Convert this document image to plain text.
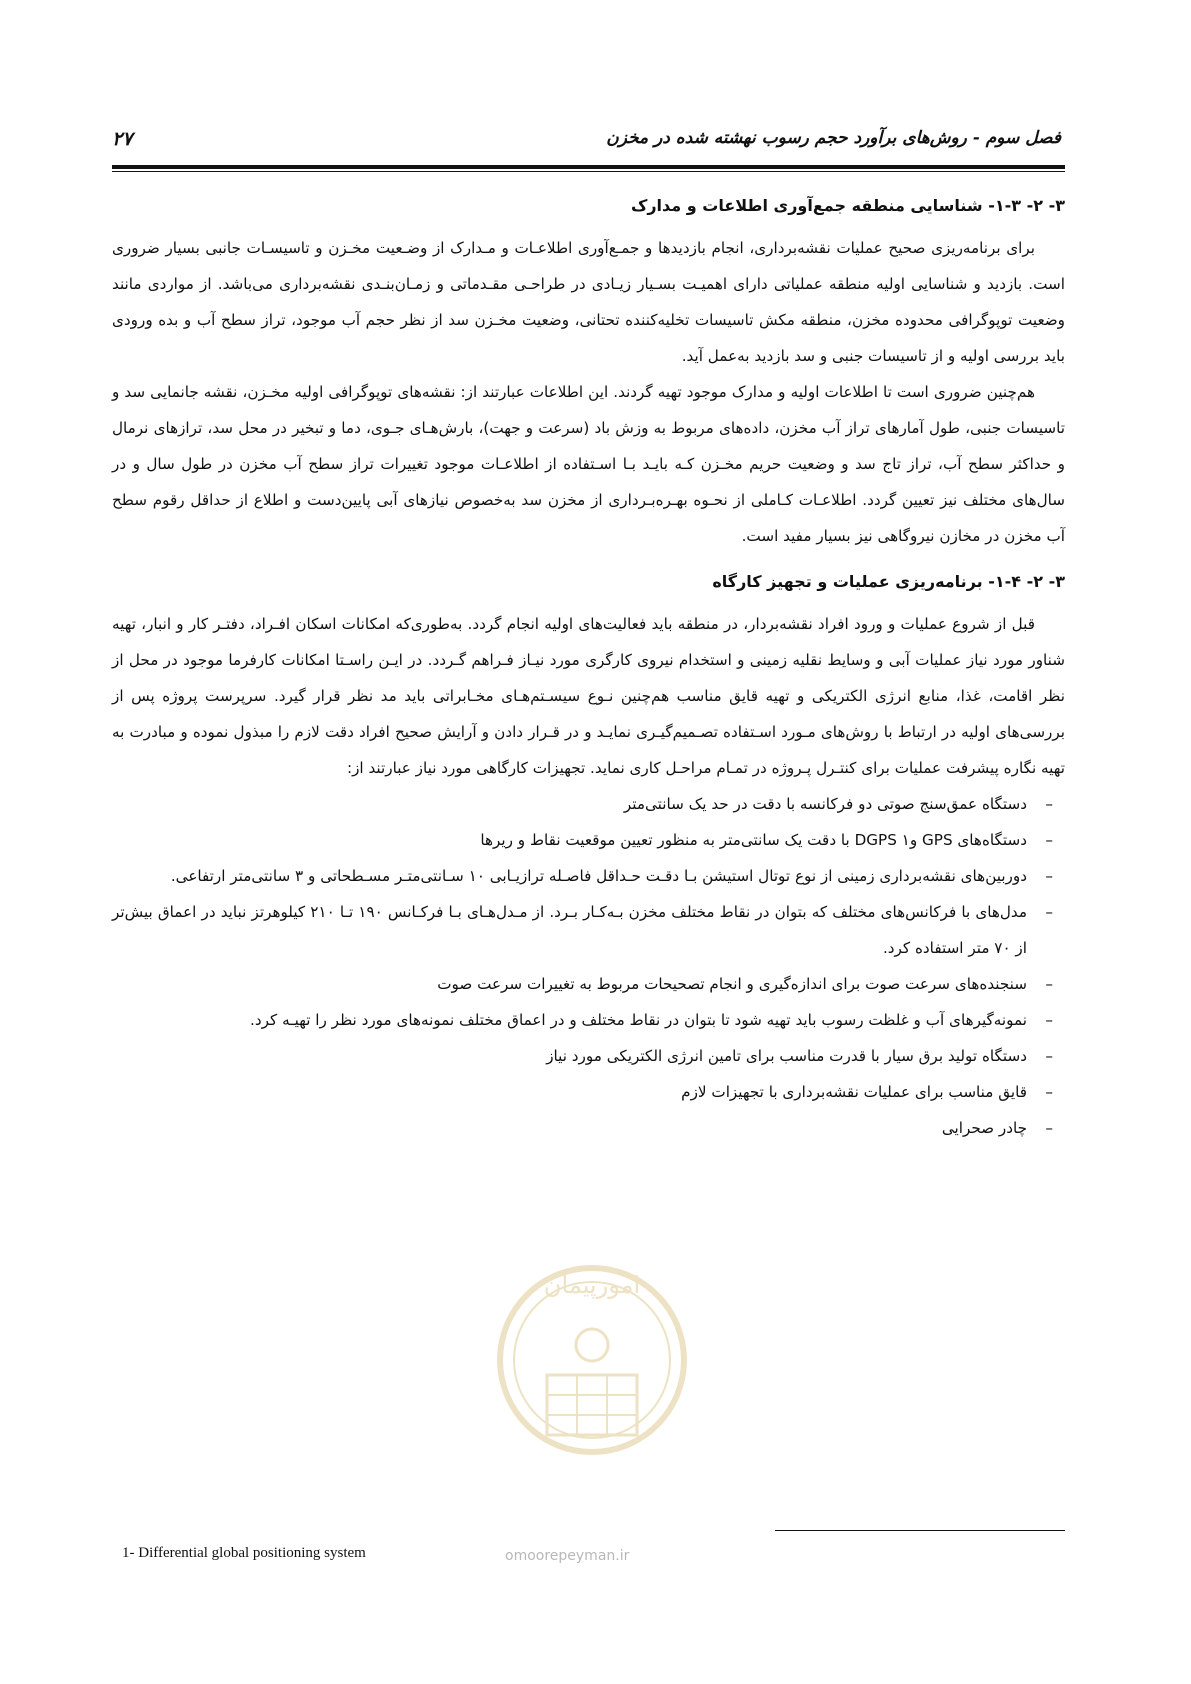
فصل سوم - روش‌های برآورد حجم رسوب نهشته شده در مخزن
۲۷
۳- ۲- ۱-۳- شناسایی منطقه جمع‌آوری اطلاعات و مدارک

برای برنامه‌ریزی صحیح عملیات نقشه‌برداری، انجام بازدیدها و جمـع‌آوری اطلاعـات و مـدارک از وضـعیت مخـزن و تاسیسـات جانبی بسیار ضروری است. بازدید و شناسایی اولیه منطقه عملیاتی دارای اهمیـت بسـیار زیـادی در طراحـی مقـدماتی و زمـان‌بنـدی نقشه‌برداری می‌باشد. از مواردی مانند وضعیت توپوگرافی محدوده مخزن، منطقه مکش تاسیسات تخلیه‌کننده تحتانی، وضعیت مخـزن سد از نظر حجم آب موجود، تراز سطح آب و بده ورودی باید بررسی اولیه و از تاسیسات جنبی و سد بازدید به‌عمل آید.

هم‌چنین ضروری است تا اطلاعات اولیه و مدارک موجود تهیه گردند. این اطلاعات عبارتند از: نقشه‌های توپوگرافی اولیه مخـزن، نقشه جانمایی سد و تاسیسات جنبی، طول آمارهای تراز آب مخزن، داده‌های مربوط به وزش باد (سرعت و جهت)، بارش‌هـای جـوی، دما و تبخیر در محل سد، ترازهای نرمال و حداکثر سطح آب، تراز تاج سد و وضعیت حریم مخـزن کـه بایـد بـا اسـتفاده از اطلاعـات موجود تغییرات تراز سطح آب مخزن در طول سال و در سال‌های مختلف نیز تعیین گردد. اطلاعـات کـاملی از نحـوه بهـره‌بـرداری از مخزن سد به‌خصوص نیازهای آبی پایین‌دست و اطلاع از حداقل رقوم سطح آب مخزن در مخازن نیروگاهی نیز بسیار مفید است.

۳- ۲- ۱-۴- برنامه‌ریزی عملیات و تجهیز کارگاه

قبل از شروع عملیات و ورود افراد نقشه‌بردار، در منطقه باید فعالیت‌های اولیه انجام گردد. به‌طوری‌که امکانات اسکان افـراد، دفتـر کار و انبار، تهیه شناور مورد نیاز عملیات آبی و وسایط نقلیه زمینی و استخدام نیروی کارگری مورد نیـاز فـراهم گـردد. در ایـن راسـتا امکانات کارفرما موجود در محل از نظر اقامت، غذا، منابع انرژی الکتریکی و تهیه قایق مناسب هم‌چنین نـوع سیسـتم‌هـای مخـابراتی باید مد نظر قرار گیرد. سرپرست پروژه پس از بررسی‌های اولیه در ارتباط با روش‌های مـورد اسـتفاده تصـمیم‌گیـری نمایـد و در قـرار دادن و آرایش صحیح افراد دقت لازم را مبذول نموده و مبادرت به تهیه نگاره پیشرفت عملیات برای کنتـرل پـروژه در تمـام مراحـل کاری نماید. تجهیزات کارگاهی مورد نیاز عبارتند از:

–
دستگاه عمق‌سنج صوتی دو فرکانسه با دقت در حد یک سانتی‌متر
–
دستگاه‌های GPS وDGPS ۱ با دقت یک سانتی‌متر به منظور تعیین موقعیت نقاط و ریرها
–
دوربین‌های نقشه‌برداری زمینی از نوع توتال استیشن بـا دقـت حـداقل فاصـله ترازیـابی ۱۰ سـانتی‌متـر مسـطحاتی و ۳ سانتی‌متر ارتفاعی.
–
مدل‌های با فرکانس‌های مختلف که بتوان در نقاط مختلف مخزن بـه‌کـار بـرد. از مـدل‌هـای بـا فرکـانس ۱۹۰ تـا ۲۱۰ کیلوهرتز نباید در اعماق بیش‌تر از ۷۰ متر استفاده کرد.
–
سنجنده‌های سرعت صوت برای اندازه‌گیری و انجام تصحیحات مربوط به تغییرات سرعت صوت
–
نمونه‌گیرهای آب و غلظت رسوب باید تهیه شود تا بتوان در نقاط مختلف و در اعماق مختلف نمونه‌های مورد نظر را تهیـه کرد.
–
دستگاه تولید برق سیار با قدرت مناسب برای تامین انرژی الکتریکی مورد نیاز
–
قایق مناسب برای عملیات نقشه‌برداری با تجهیزات لازم
–
چادر صحرایی
1- Differential global positioning system
امورپیمان
omoorepeyman.ir
